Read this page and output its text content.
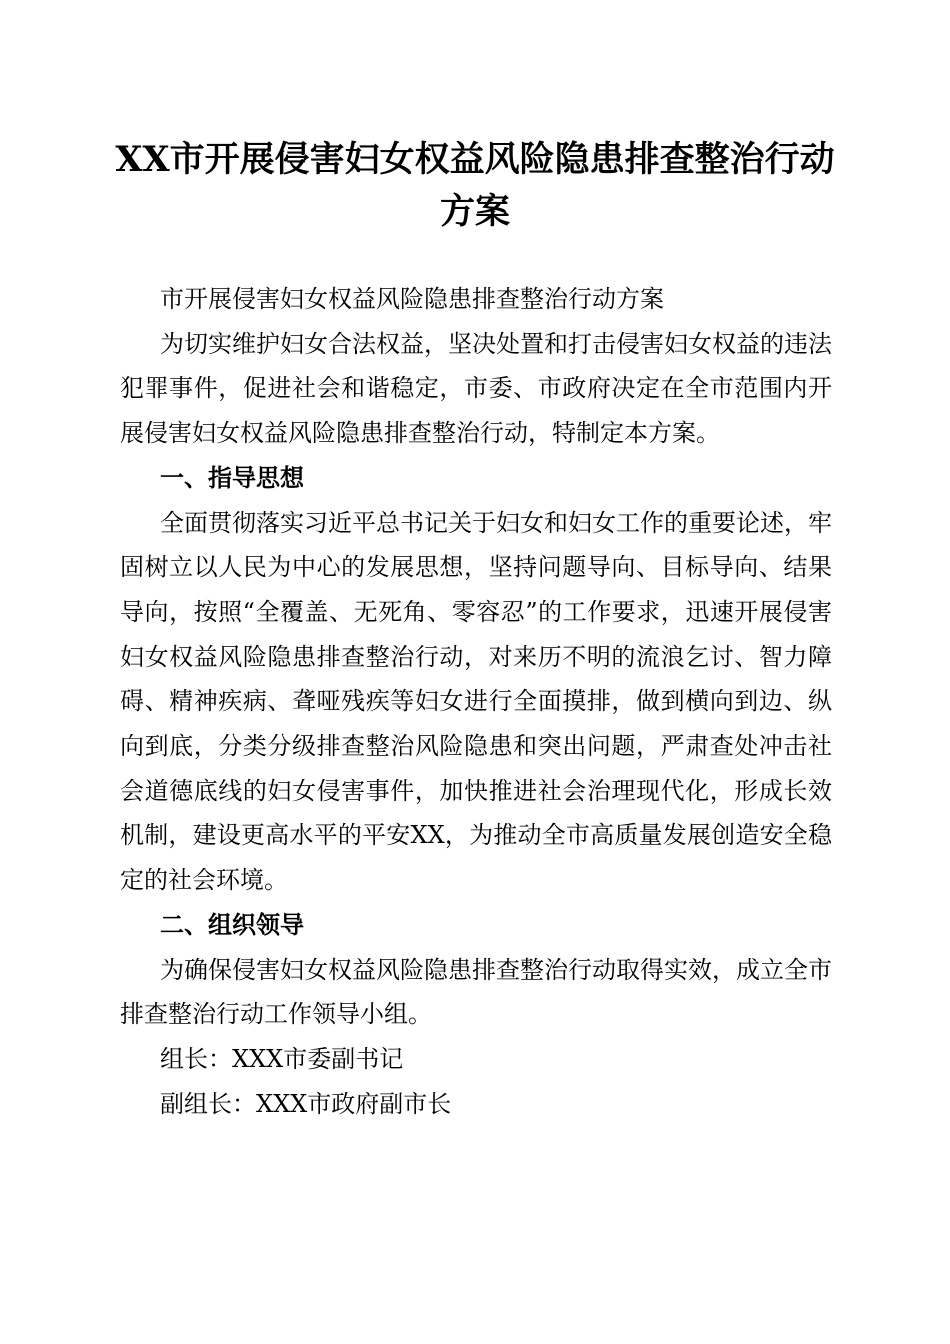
XX市开展侵害妇女权益风险隐患排查整治行动方案

市开展侵害妇女权益风险隐患排查整治行动方案

为切实维护妇女合法权益，坚决处置和打击侵害妇女权益的违法犯罪事件，促进社会和谐稳定，市委、市政府决定在全市范围内开展侵害妇女权益风险隐患排查整治行动，特制定本方案。

一、指导思想

全面贯彻落实习近平总书记关于妇女和妇女工作的重要论述，牢固树立以人民为中心的发展思想，坚持问题导向、目标导向、结果导向，按照“全覆盖、无死角、零容忍”的工作要求，迅速开展侵害妇女权益风险隐患排查整治行动，对来历不明的流浪乞讨、智力障碍、精神疾病、聋哑残疾等妇女进行全面摸排，做到横向到边、纵向到底，分类分级排查整治风险隐患和突出问题，严肃查处冲击社会道德底线的妇女侵害事件，加快推进社会治理现代化，形成长效机制，建设更高水平的平安XX，为推动全市高质量发展创造安全稳定的社会环境。

二、组织领导

为确保侵害妇女权益风险隐患排查整治行动取得实效，成立全市排查整治行动工作领导小组。

组长：XXX市委副书记

副组长：XXX市政府副市长
